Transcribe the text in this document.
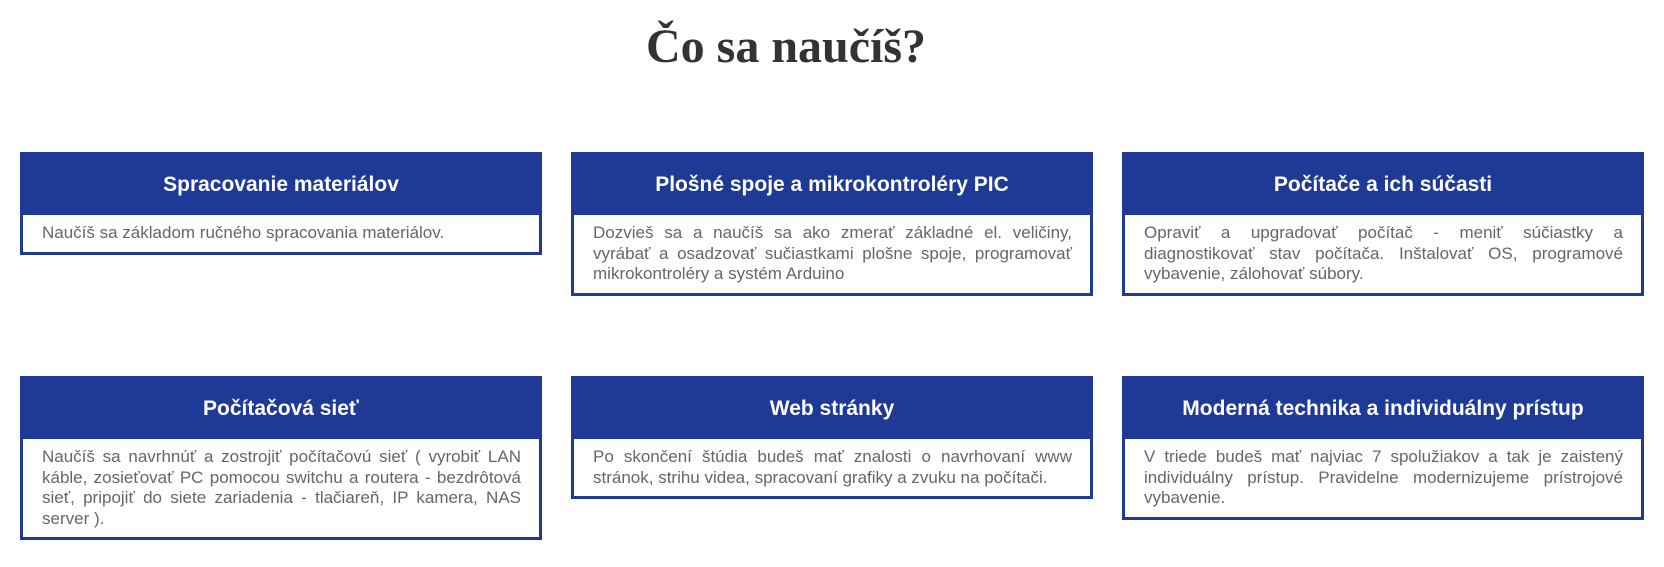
Čo sa naučíš?
Spracovanie materiálov
Naučíš sa základom ručného spracovania materiálov.
Plošné spoje a mikrokontroléry PIC
Dozvieš sa a naučíš sa ako zmerať základné el. veličiny, vyrábať a osadzovať sučiastkami plošne spoje, programovať mikrokontroléry a systém Arduino
Počítače a ich súčasti
Opraviť a upgradovať počítač - meniť súčiastky a diagnostikovať stav počítača. Inštalovať OS, programové vybavenie, zálohovať súbory.
Počítačová sieť
Naučíš sa navrhnúť a zostrojiť počítačovú sieť ( vyrobiť LAN káble, zosieťovať PC pomocou switchu a routera - bezdrôtová sieť, pripojiť do siete zariadenia - tlačiareň, IP kamera, NAS server ).
Web stránky
Po skončení štúdia budeš mať znalosti o navrhovaní www stránok, strihu videa, spracovaní grafiky a zvuku na počítači.
Moderná technika a individuálny prístup
V triede budeš mať najviac 7 spolužiakov a tak je zaistený individuálny prístup. Pravidelne modernizujeme prístrojové vybavenie.
